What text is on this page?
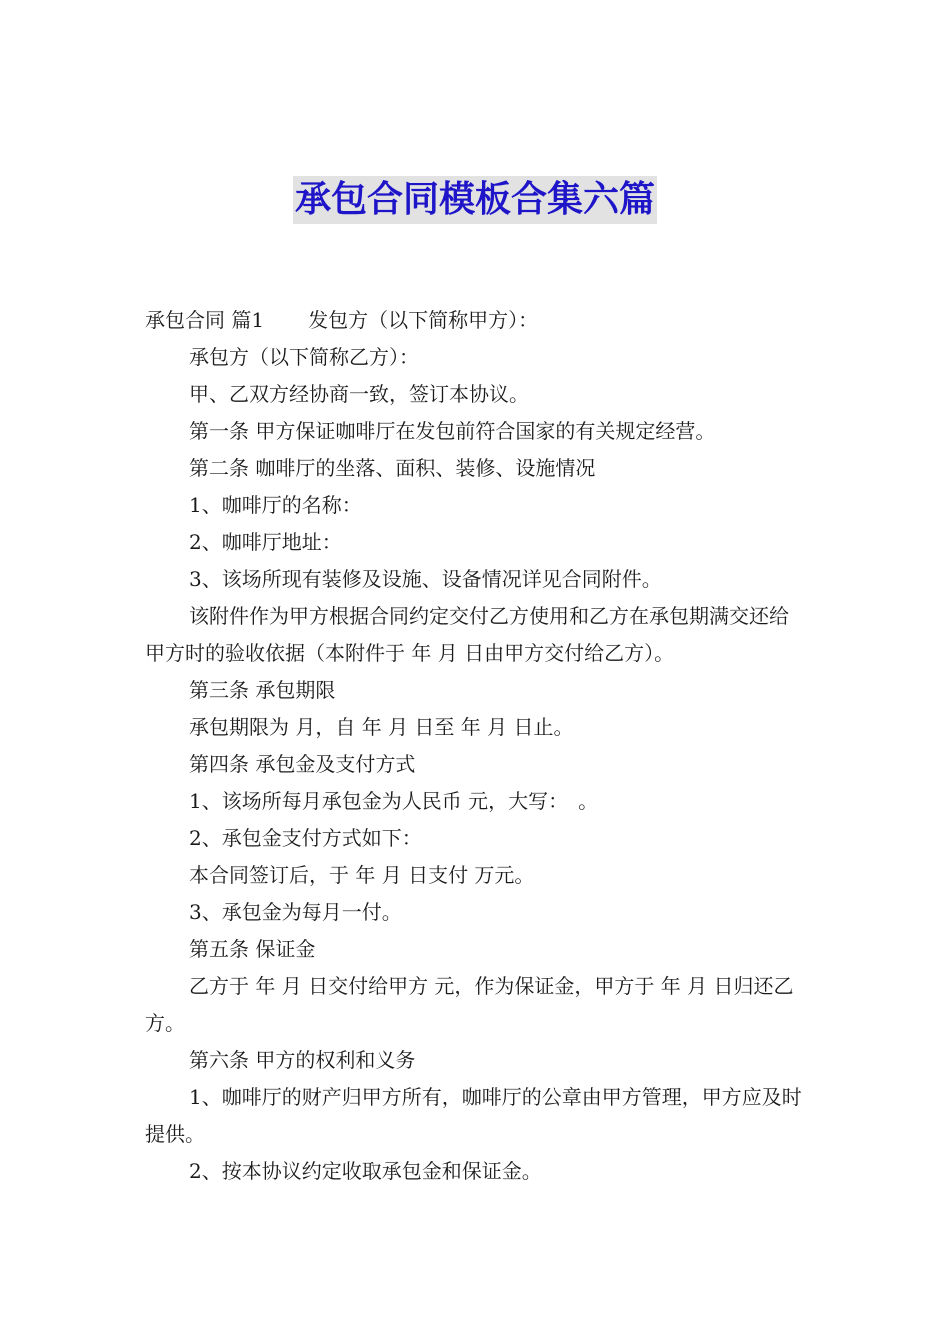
承包合同模板合集六篇

承包合同 篇1 发包方（以下简称甲方）：

承包方（以下简称乙方）：

甲、乙双方经协商一致，签订本协议。

第一条 甲方保证咖啡厅在发包前符合国家的有关规定经营。

第二条 咖啡厅的坐落、面积、装修、设施情况

1、咖啡厅的名称：

2、咖啡厅地址：

3、该场所现有装修及设施、设备情况详见合同附件。

该附件作为甲方根据合同约定交付乙方使用和乙方在承包期满交还给甲方时的验收依据（本附件于 年 月 日由甲方交付给乙方）。

第三条 承包期限

承包期限为 月，自 年 月 日至 年 月 日止。

第四条 承包金及支付方式

1、该场所每月承包金为人民币 元，大写：　。

2、承包金支付方式如下：

本合同签订后，于 年 月 日支付 万元。

3、承包金为每月一付。

第五条 保证金

乙方于 年 月 日交付给甲方 元，作为保证金，甲方于 年 月 日归还乙方。

第六条 甲方的权利和义务

1、咖啡厅的财产归甲方所有，咖啡厅的公章由甲方管理，甲方应及时提供。

2、按本协议约定收取承包金和保证金。
